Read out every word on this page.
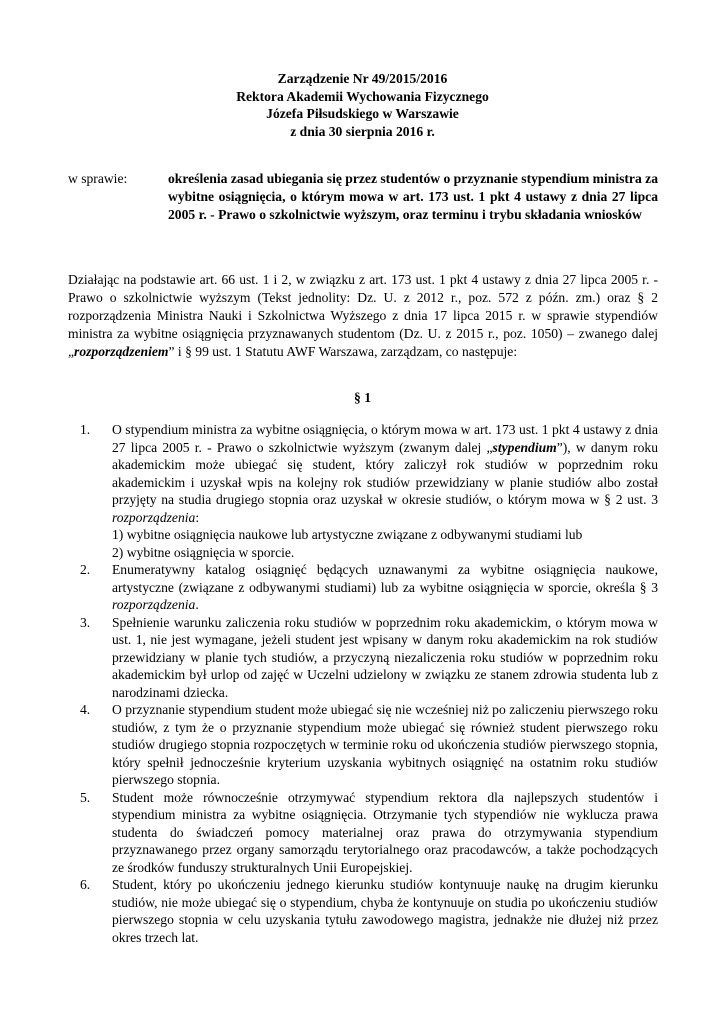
Zarządzenie Nr 49/2015/2016
Rektora Akademii Wychowania Fizycznego
Józefa Piłsudskiego w Warszawie
z dnia 30 sierpnia 2016 r.
w sprawie:	określenia zasad ubiegania się przez studentów o przyznanie stypendium ministra za wybitne osiągnięcia, o którym mowa w art. 173 ust. 1 pkt 4 ustawy z dnia 27 lipca 2005 r. - Prawo o szkolnictwie wyższym, oraz terminu i trybu składania wniosków
Działając na podstawie art. 66 ust. 1 i 2, w związku z art. 173 ust. 1 pkt 4 ustawy z dnia 27 lipca 2005 r. - Prawo o szkolnictwie wyższym (Tekst jednolity: Dz. U. z 2012 r., poz. 572 z późn. zm.) oraz § 2 rozporządzenia Ministra Nauki i Szkolnictwa Wyższego z dnia 17 lipca 2015 r. w sprawie stypendiów ministra za wybitne osiągnięcia przyznawanych studentom (Dz. U. z 2015 r., poz. 1050) – zwanego dalej „rozporządzeniem” i § 99 ust. 1 Statutu AWF Warszawa, zarządzam, co następuje:
§ 1
1. O stypendium ministra za wybitne osiągnięcia, o którym mowa w art. 173 ust. 1 pkt 4 ustawy z dnia 27 lipca 2005 r. - Prawo o szkolnictwie wyższym (zwanym dalej „stypendium”), w danym roku akademickim może ubiegać się student, który zaliczył rok studiów w poprzednim roku akademickim i uzyskał wpis na kolejny rok studiów przewidziany w planie studiów albo został przyjęty na studia drugiego stopnia oraz uzyskał w okresie studiów, o którym mowa w § 2 ust. 3 rozporządzenia:
1) wybitne osiągnięcia naukowe lub artystyczne związane z odbywanymi studiami lub
2) wybitne osiągnięcia w sporcie.
2. Enumeratywny katalog osiągnięć będących uznawanymi za wybitne osiągnięcia naukowe, artystyczne (związane z odbywanymi studiami) lub za wybitne osiągnięcia w sporcie, określa § 3 rozporządzenia.
3. Spełnienie warunku zaliczenia roku studiów w poprzednim roku akademickim, o którym mowa w ust. 1, nie jest wymagane, jeżeli student jest wpisany w danym roku akademickim na rok studiów przewidziany w planie tych studiów, a przyczyną niezaliczenia roku studiów w poprzednim roku akademickim był urlop od zajęć w Uczelni udzielony w związku ze stanem zdrowia studenta lub z narodzinami dziecka.
4. O przyznanie stypendium student może ubiegać się nie wcześniej niż po zaliczeniu pierwszego roku studiów, z tym że o przyznanie stypendium może ubiegać się również student pierwszego roku studiów drugiego stopnia rozpoczętych w terminie roku od ukończenia studiów pierwszego stopnia, który spełnił jednocześnie kryterium uzyskania wybitnych osiągnięć na ostatnim roku studiów pierwszego stopnia.
5. Student może równocześnie otrzymywać stypendium rektora dla najlepszych studentów i stypendium ministra za wybitne osiągnięcia. Otrzymanie tych stypendiów nie wyklucza prawa studenta do świadczeń pomocy materialnej oraz prawa do otrzymywania stypendium przyznawanego przez organy samorządu terytorialnego oraz pracodawców, a także pochodzących ze środków funduszy strukturalnych Unii Europejskiej.
6. Student, który po ukończeniu jednego kierunku studiów kontynuuje naukę na drugim kierunku studiów, nie może ubiegać się o stypendium, chyba że kontynuuje on studia po ukończeniu studiów pierwszego stopnia w celu uzyskania tytułu zawodowego magistra, jednakże nie dłużej niż przez okres trzech lat.
